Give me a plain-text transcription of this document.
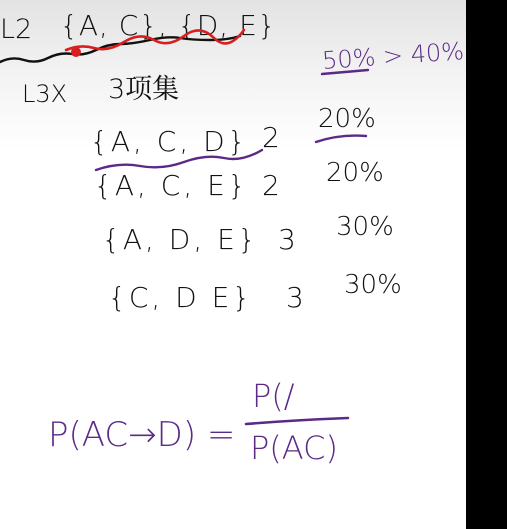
L2 {A, C}, {D, E}
L3X 3项集
50% > 40%
{A, C, D} 2
20%
{A, C, E} 2 20%
{A, D, E} 3 30%
{C, D E} 3 30%
P(AC→D) =
P(/
P(AC)
